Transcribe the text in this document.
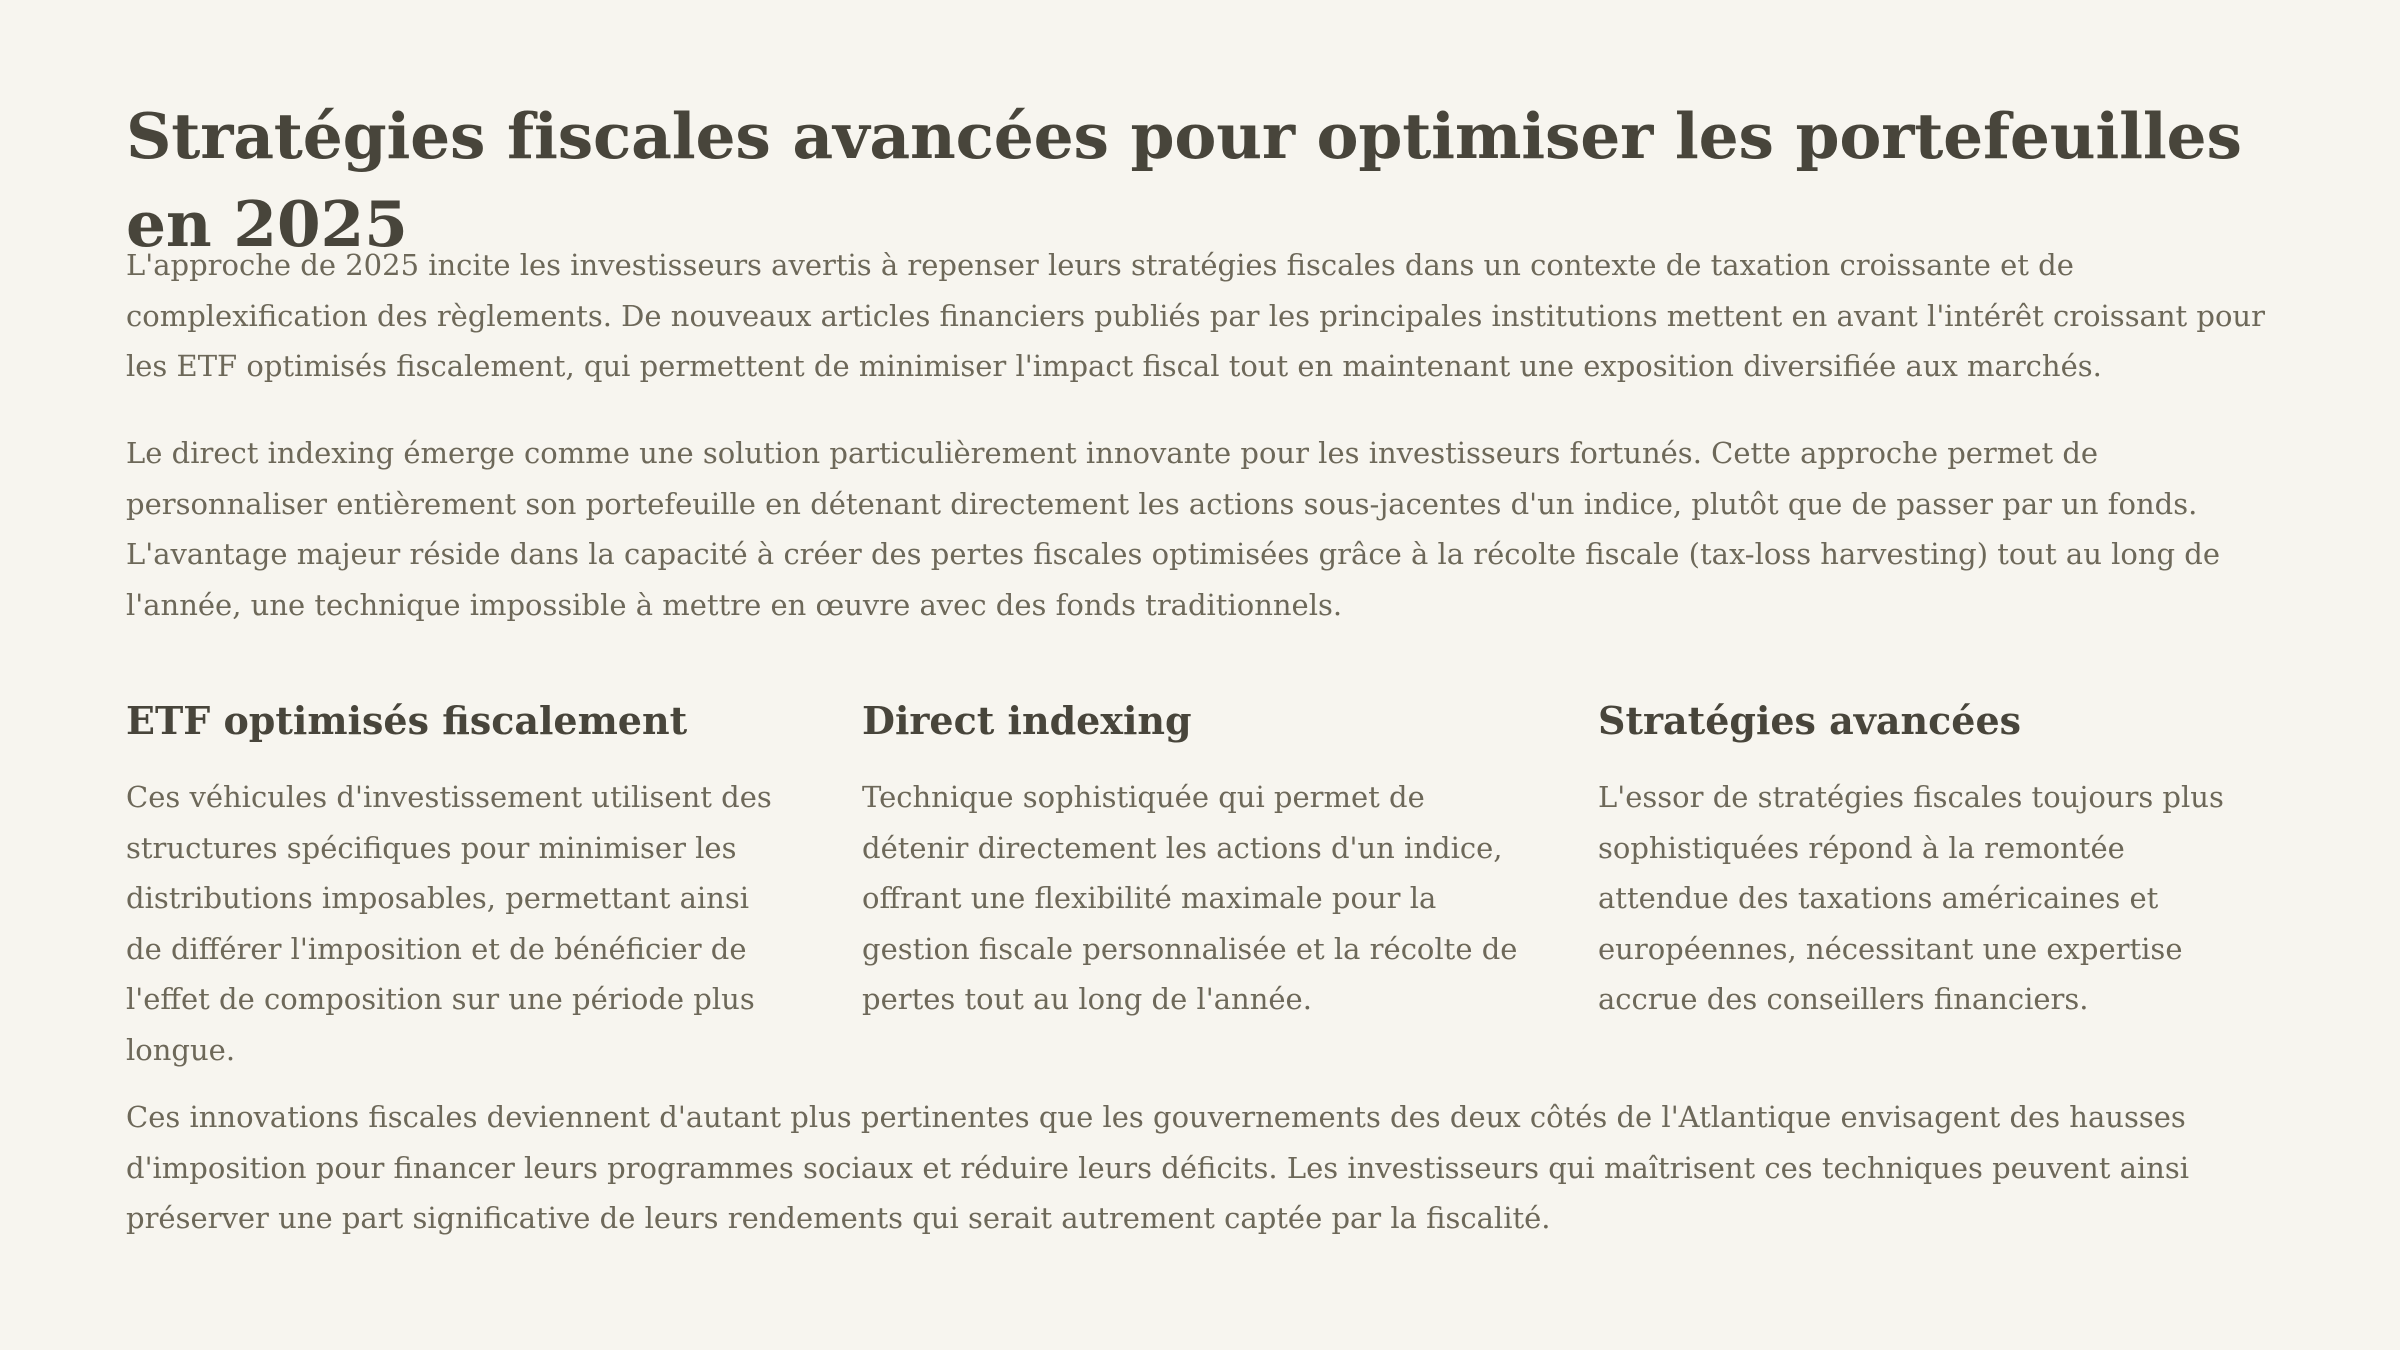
Stratégies fiscales avancées pour optimiser les portefeuilles en 2025

L'approche de 2025 incite les investisseurs avertis à repenser leurs stratégies fiscales dans un contexte de taxation croissante et de complexification des règlements. De nouveaux articles financiers publiés par les principales institutions mettent en avant l'intérêt croissant pour les ETF optimisés fiscalement, qui permettent de minimiser l'impact fiscal tout en maintenant une exposition diversifiée aux marchés.

Le direct indexing émerge comme une solution particulièrement innovante pour les investisseurs fortunés. Cette approche permet de personnaliser entièrement son portefeuille en détenant directement les actions sous-jacentes d'un indice, plutôt que de passer par un fonds. L'avantage majeur réside dans la capacité à créer des pertes fiscales optimisées grâce à la récolte fiscale (tax-loss harvesting) tout au long de l'année, une technique impossible à mettre en œuvre avec des fonds traditionnels.

ETF optimisés fiscalement

Ces véhicules d'investissement utilisent des structures spécifiques pour minimiser les distributions imposables, permettant ainsi de différer l'imposition et de bénéficier de l'effet de composition sur une période plus longue.

Direct indexing

Technique sophistiquée qui permet de détenir directement les actions d'un indice, offrant une flexibilité maximale pour la gestion fiscale personnalisée et la récolte de pertes tout au long de l'année.

Stratégies avancées

L'essor de stratégies fiscales toujours plus sophistiquées répond à la remontée attendue des taxations américaines et européennes, nécessitant une expertise accrue des conseillers financiers.

Ces innovations fiscales deviennent d'autant plus pertinentes que les gouvernements des deux côtés de l'Atlantique envisagent des hausses d'imposition pour financer leurs programmes sociaux et réduire leurs déficits. Les investisseurs qui maîtrisent ces techniques peuvent ainsi préserver une part significative de leurs rendements qui serait autrement captée par la fiscalité.
